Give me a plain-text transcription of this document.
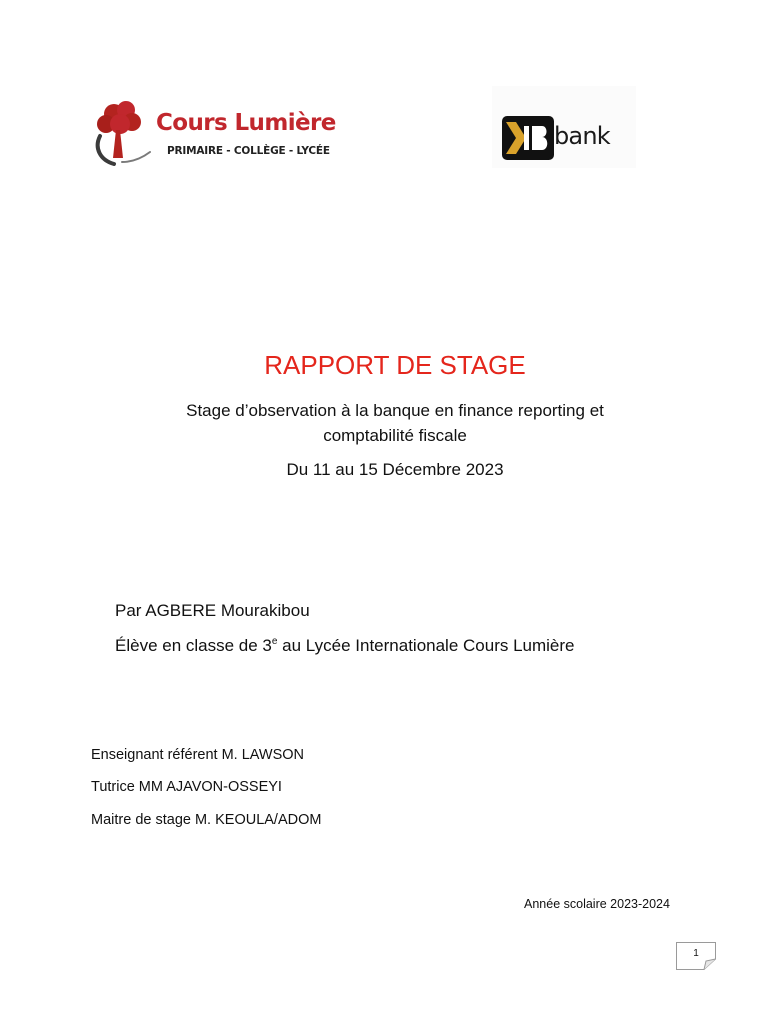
Cours Lumière
PRIMAIRE - COLLÈGE - LYCÉE
bank
RAPPORT DE STAGE
Stage d’observation à la banque en finance reporting et comptabilité fiscale
Du 11 au 15 Décembre 2023
Par AGBERE Mourakibou
Élève en classe de 3e au Lycée Internationale Cours Lumière
Enseignant référent M. LAWSON
Tutrice MM AJAVON-OSSEYI
Maitre de stage M. KEOULA/ADOM
Année scolaire 2023-2024
1
